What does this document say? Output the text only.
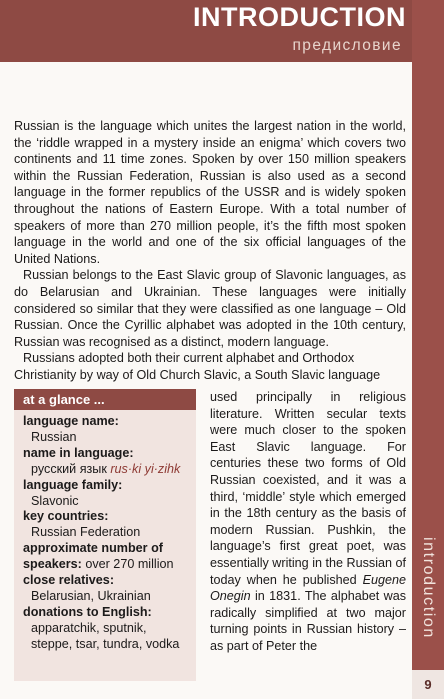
INTRODUCTION
предисловие
introduction
9

Russian is the language which unites the largest nation in the world, the ‘riddle wrapped in a mystery inside an enigma’ which covers two continents and 11 time zones. Spoken by over 150 million speakers within the Russian Federation, Russian is also used as a second language in the former republics of the USSR and is widely spoken throughout the nations of Eastern Europe. With a total number of speakers of more than 270 million people, it’s the fifth most spoken language in the world and one of the six official languages of the United Nations.

Russian belongs to the East Slavic group of Slavonic languages, as do Belarusian and Ukrainian. These languages were initially considered so similar that they were classified as one language – Old Russian. Once the Cyrillic alphabet was adopted in the 10th century, Russian was recognised as a distinct, modern language.

Russians adopted both their current alphabet and Orthodox Christianity by way of Old Church Slavic, a South Slavic language

at a glance ...
language name:
Russian
name in language:
русский язык rus·ki yi·zihk
language family:
Slavonic
key countries:
Russian Federation
approximate number of
speakers: over 270 million
close relatives:
Belarusian, Ukrainian
donations to English:
apparatchik, sputnik,
steppe, tsar, tundra, vodka

used principally in religious literature. Written secular texts were much closer to the spoken East Slavic language. For centuries these two forms of Old Russian coexisted, and it was a third, ‘middle’ style which emerged in the 18th century as the basis of modern Russian. Pushkin, the language’s first great poet, was essentially writing in the Russian of today when he published Eugene Onegin in 1831. The alphabet was radically simplified at two major turning points in Russian history – as part of Peter the
